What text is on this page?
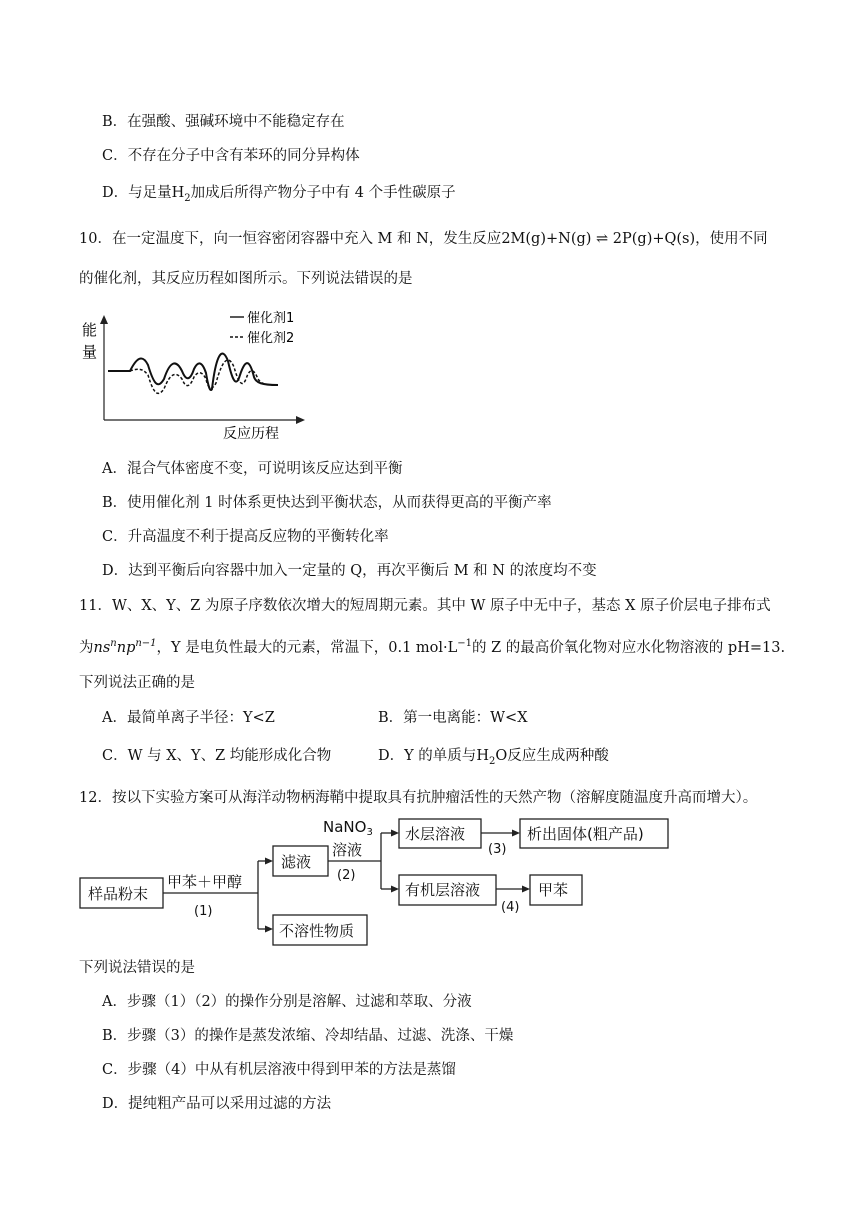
B．在强酸、强碱环境中不能稳定存在
C．不存在分子中含有苯环的同分异构体
D．与足量$H_2$加成后所得产物分子中有 4 个手性碳原子
10．在一定温度下，向一恒容密闭容器中充入 M 和 N，发生反应2M(g)+N(g) ⇌ 2P(g)+Q(s)，使用不同
的催化剂，其反应历程如图所示。下列说法错误的是
能
量
反应历程
催化剂1
催化剂2
A．混合气体密度不变，可说明该反应达到平衡
B．使用催化剂 1 时体系更快达到平衡状态，从而获得更高的平衡产率
C．升高温度不利于提高反应物的平衡转化率
D．达到平衡后向容器中加入一定量的 Q，再次平衡后 M 和 N 的浓度均不变
11．W、X、Y、Z 为原子序数依次增大的短周期元素。其中 W 原子中无中子，基态 X 原子价层电子排布式
为$ns^nnp^{n-1}$，Y 是电负性最大的元素，常温下，0.1 $mol\cdot L^{-1}$的 Z 的最高价氧化物对应水化物溶液的 pH=13.
下列说法正确的是
A．最简单离子半径：Y<Z	B．第一电离能：W<X
C．W 与 X、Y、Z 均能形成化合物	D．Y 的单质与$H_2O$反应生成两种酸
12．按以下实验方案可从海洋动物柄海鞘中提取具有抗肿瘤活性的天然产物（溶解度随温度升高而增大）。
样品粉末
甲苯＋甲醇
(1)
滤液
不溶性物质
NaNO$_3$
溶液
(2)
水层溶液
(3)
析出固体(粗产品)
有机层溶液
(4)
甲苯
下列说法错误的是
A．步骤（1）（2）的操作分别是溶解、过滤和萃取、分液
B．步骤（3）的操作是蒸发浓缩、冷却结晶、过滤、洗涤、干燥
C．步骤（4）中从有机层溶液中得到甲苯的方法是蒸馏
D．提纯粗产品可以采用过滤的方法
